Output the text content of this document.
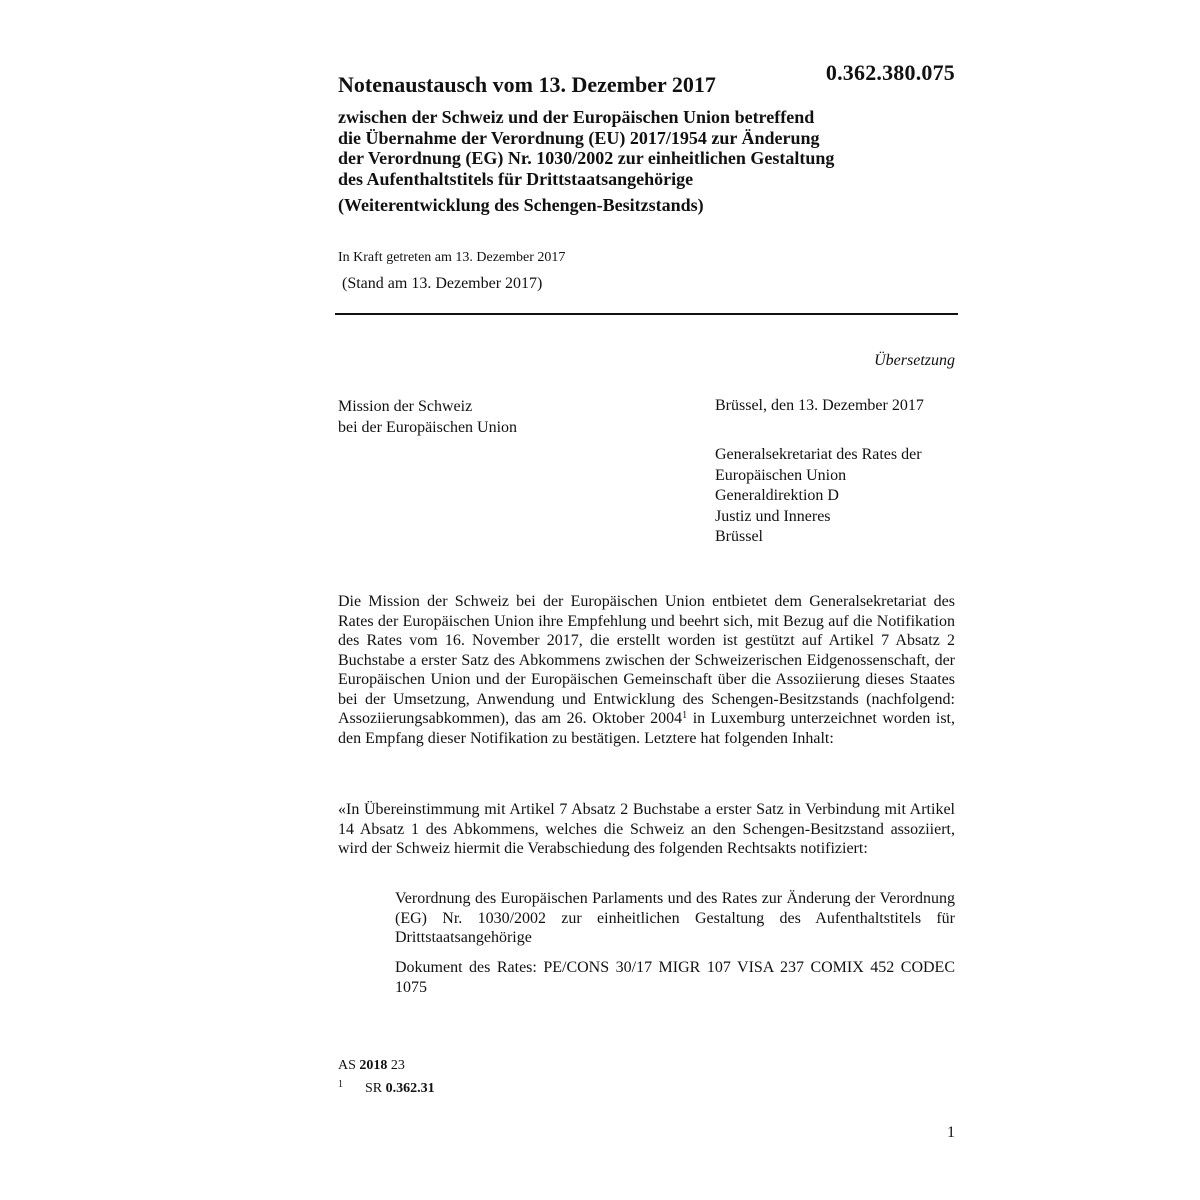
0.362.380.075
Notenaustausch vom 13. Dezember 2017
zwischen der Schweiz und der Europäischen Union betreffend
die Übernahme der Verordnung (EU) 2017/1954 zur Änderung
der Verordnung (EG) Nr. 1030/2002 zur einheitlichen Gestaltung
des Aufenthaltstitels für Drittstaatsangehörige
(Weiterentwicklung des Schengen-Besitzstands)
In Kraft getreten am 13. Dezember 2017
(Stand am 13. Dezember 2017)
Übersetzung
Mission der Schweiz
bei der Europäischen Union
Brüssel, den 13. Dezember 2017
Generalsekretariat des Rates der
Europäischen Union
Generaldirektion D
Justiz und Inneres
Brüssel
Die Mission der Schweiz bei der Europäischen Union entbietet dem Generalsekretariat des Rates der Europäischen Union ihre Empfehlung und beehrt sich, mit Bezug auf die Notifikation des Rates vom 16. November 2017, die erstellt worden ist gestützt auf Artikel 7 Absatz 2 Buchstabe a erster Satz des Abkommens zwischen der Schweizerischen Eidgenossenschaft, der Europäischen Union und der Europäischen Gemeinschaft über die Assoziierung dieses Staates bei der Umsetzung, Anwendung und Entwicklung des Schengen-Besitzstands (nachfolgend: Assoziierungsabkommen), das am 26. Oktober 2004$^1$ in Luxemburg unterzeichnet worden ist, den Empfang dieser Notifikation zu bestätigen. Letztere hat folgenden Inhalt:
«In Übereinstimmung mit Artikel 7 Absatz 2 Buchstabe a erster Satz in Verbindung mit Artikel 14 Absatz 1 des Abkommens, welches die Schweiz an den Schengen-Besitzstand assoziiert, wird der Schweiz hiermit die Verabschiedung des folgenden Rechtsakts notifiziert:
Verordnung des Europäischen Parlaments und des Rates zur Änderung der Verordnung (EG) Nr. 1030/2002 zur einheitlichen Gestaltung des Aufenthaltstitels für Drittstaatsangehörige
Dokument des Rates: PE/CONS 30/17 MIGR 107 VISA 237 COMIX 452 CODEC 1075
AS 2018 23
$^1$ SR 0.362.31
1
